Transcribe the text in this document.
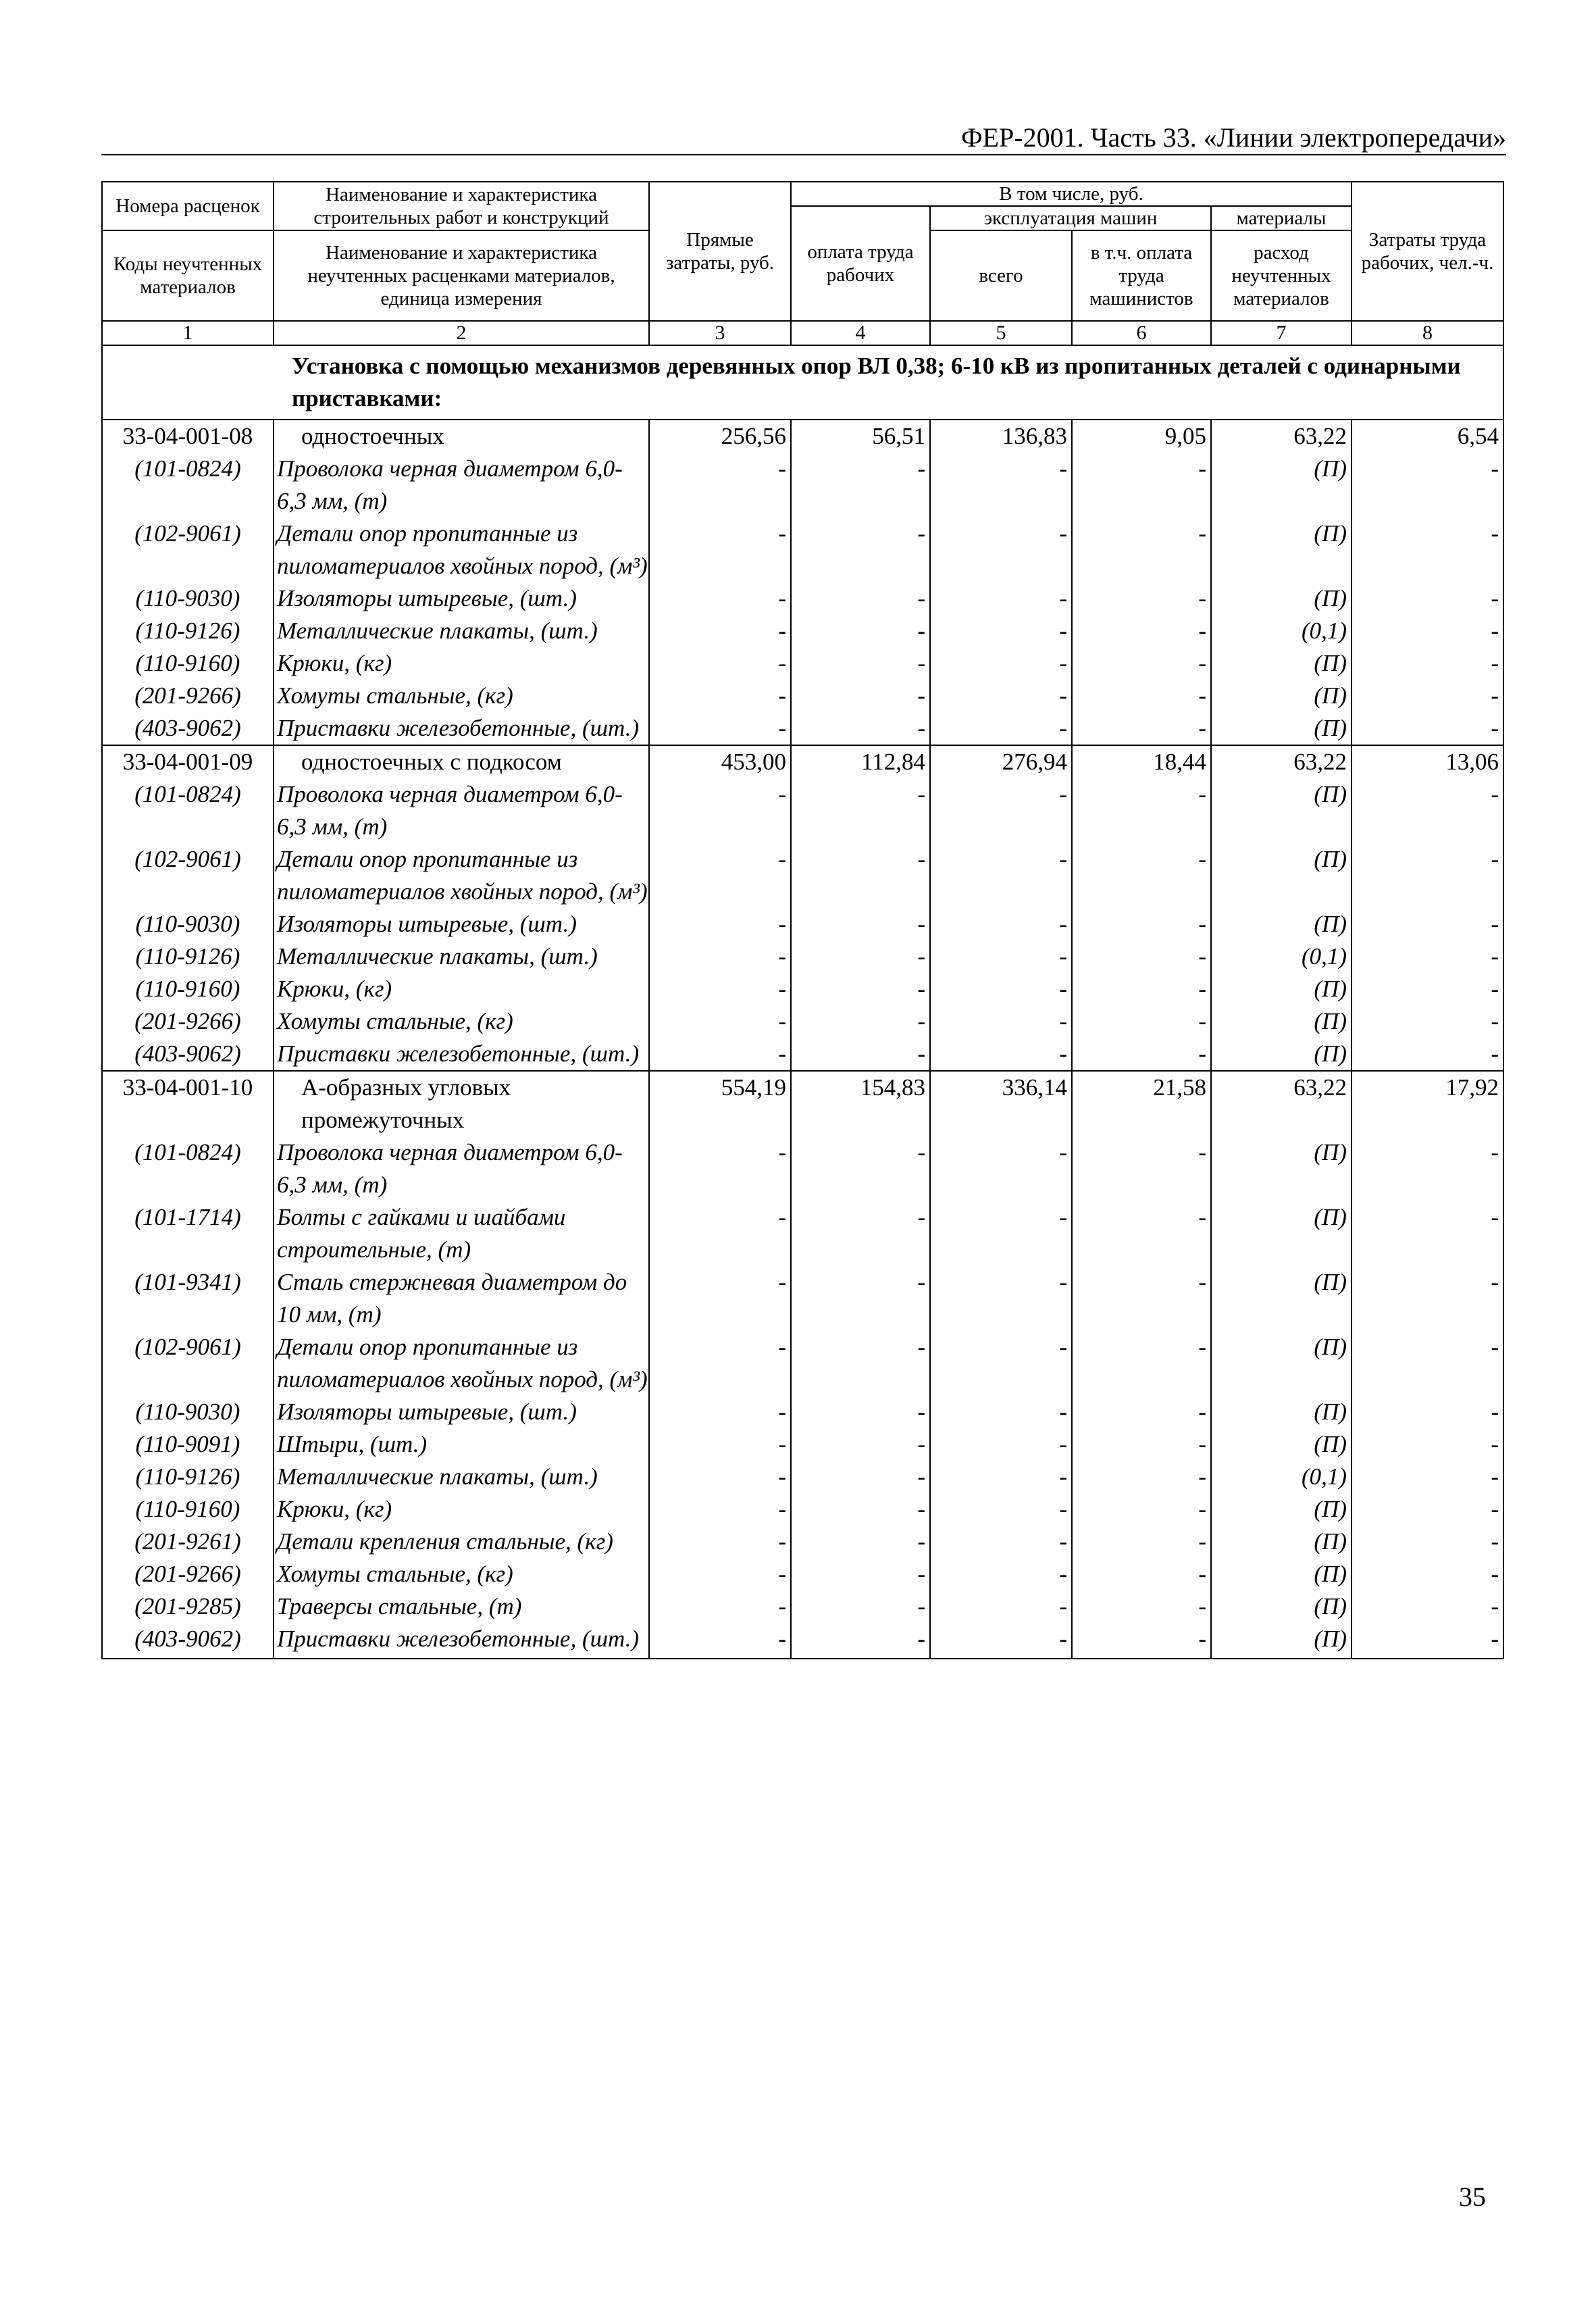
ФЕР-2001. Часть 33. «Линии электропередачи»
Номера расценок	Наименование и характеристика строительных работ и конструкций	Прямые затраты, руб.	В том числе, руб.				Затраты труда рабочих, чел.-ч.
			оплата труда рабочих	эксплуатация машин		материалы	
Коды неучтенных материалов	Наименование и характеристика неучтенных расценками материалов, единица измерения			всего	в т.ч. оплата труда машинистов	расход неучтенных материалов	

1	2	3	4	5	6	7	8
Установка с помощью механизмов деревянных опор ВЛ 0,38; 6-10 кВ из пропитанных деталей с одинарными приставками:							
33-04-001-08	одностоечных	256,56	56,51	136,83	9,05	63,22	6,54
(101-0824)	Проволока черная диаметром 6,0-6,3 мм, (т)	-	-	-	-	(П)	-
(102-9061)	Детали опор пропитанные из пиломатериалов хвойных пород, (м³)	-	-	-	-	(П)	-
(110-9030)	Изоляторы штыревые, (шт.)	-	-	-	-	(П)	-
(110-9126)	Металлические плакаты, (шт.)	-	-	-	-	(0,1)	-
(110-9160)	Крюки, (кг)	-	-	-	-	(П)	-
(201-9266)	Хомуты стальные, (кг)	-	-	-	-	(П)	-
(403-9062)	Приставки железобетонные, (шт.)	-	-	-	-	(П)	-
33-04-001-09	одностоечных с подкосом	453,00	112,84	276,94	18,44	63,22	13,06
(101-0824)	Проволока черная диаметром 6,0-6,3 мм, (т)	-	-	-	-	(П)	-
(102-9061)	Детали опор пропитанные из пиломатериалов хвойных пород, (м³)	-	-	-	-	(П)	-
(110-9030)	Изоляторы штыревые, (шт.)	-	-	-	-	(П)	-
(110-9126)	Металлические плакаты, (шт.)	-	-	-	-	(0,1)	-
(110-9160)	Крюки, (кг)	-	-	-	-	(П)	-
(201-9266)	Хомуты стальные, (кг)	-	-	-	-	(П)	-
(403-9062)	Приставки железобетонные, (шт.)	-	-	-	-	(П)	-
33-04-001-10	А-образных угловых промежуточных	554,19	154,83	336,14	21,58	63,22	17,92
(101-0824)	Проволока черная диаметром 6,0-6,3 мм, (т)	-	-	-	-	(П)	-
(101-1714)	Болты с гайками и шайбами строительные, (т)	-	-	-	-	(П)	-
(101-9341)	Сталь стержневая диаметром до 10 мм, (т)	-	-	-	-	(П)	-
(102-9061)	Детали опор пропитанные из пиломатериалов хвойных пород, (м³)	-	-	-	-	(П)	-
(110-9030)	Изоляторы штыревые, (шт.)	-	-	-	-	(П)	-
(110-9091)	Штыри, (шт.)	-	-	-	-	(П)	-
(110-9126)	Металлические плакаты, (шт.)	-	-	-	-	(0,1)	-
(110-9160)	Крюки, (кг)	-	-	-	-	(П)	-
(201-9261)	Детали крепления стальные, (кг)	-	-	-	-	(П)	-
(201-9266)	Хомуты стальные, (кг)	-	-	-	-	(П)	-
(201-9285)	Траверсы стальные, (т)	-	-	-	-	(П)	-
(403-9062)	Приставки железобетонные, (шт.)	-	-	-	-	(П)	-
35
